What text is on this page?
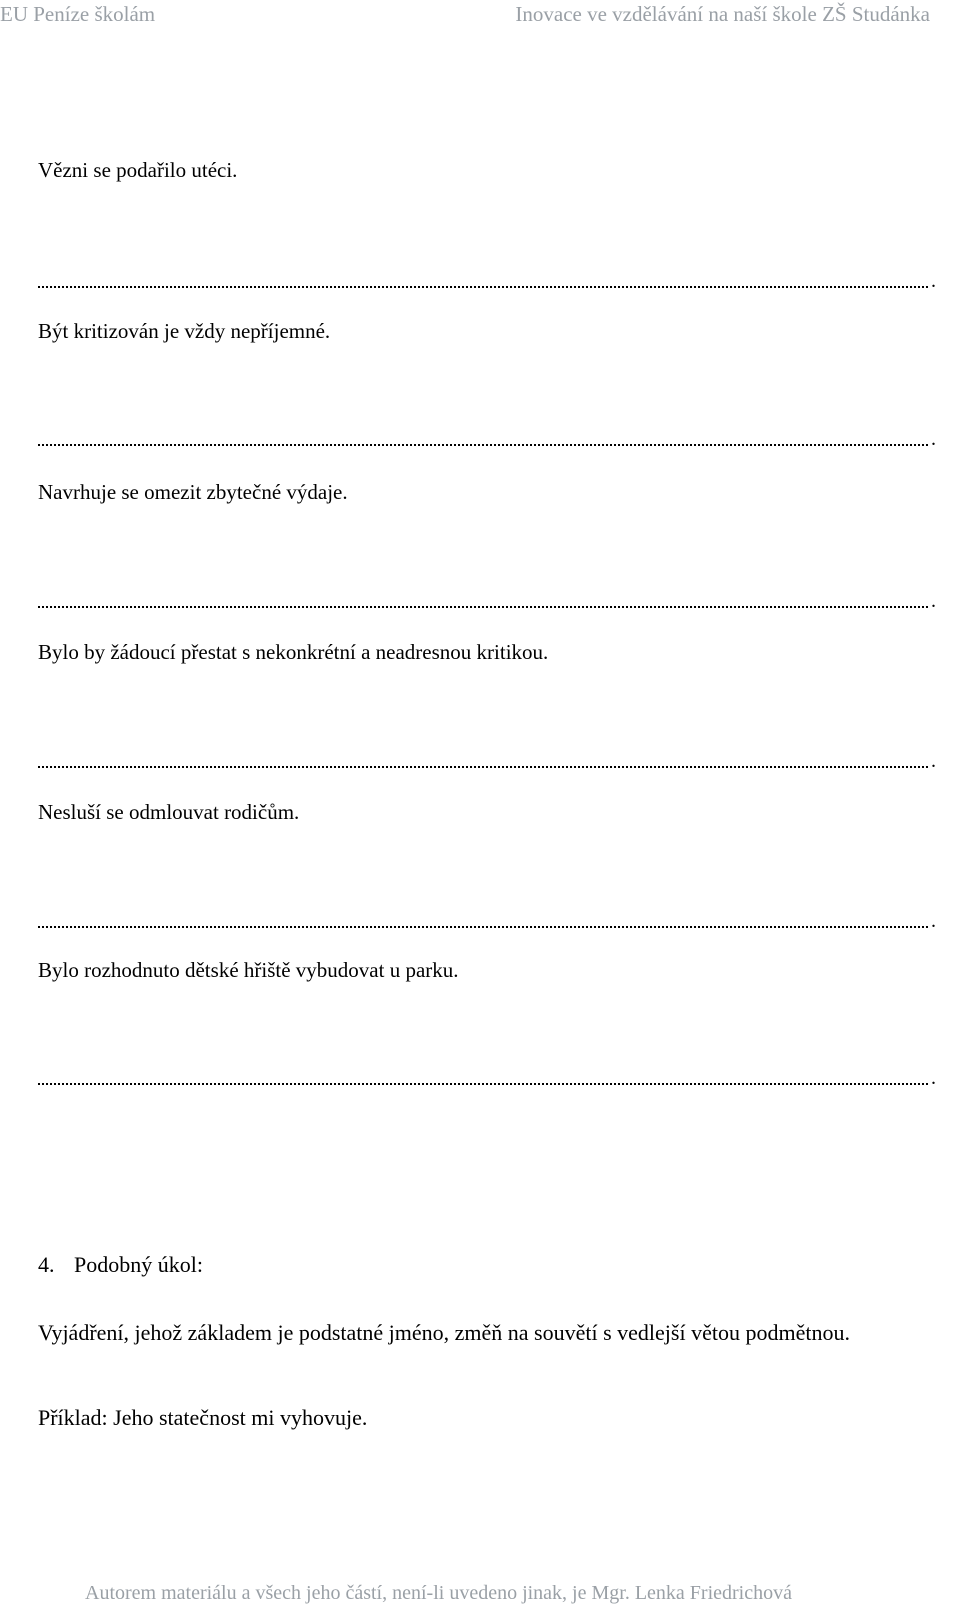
EU Peníze školám	Inovace ve vzdělávání na naší škole ZŠ Studánka
Vězni se podařilo utéci.
.
Být kritizován je vždy nepříjemné.
.
Navrhuje se omezit zbytečné výdaje.
.
Bylo by žádoucí přestat s nekonkrétní a neadresnou kritikou.
.
Nesluší se odmlouvat rodičům.
.
Bylo rozhodnuto dětské hřiště vybudovat u parku.
.
4. Podobný úkol:
Vyjádření, jehož základem je podstatné jméno, změň na souvětí s vedlejší větou podmětnou.
Příklad: Jeho statečnost mi vyhovuje.
Autorem materiálu a všech jeho částí, není-li uvedeno jinak, je Mgr. Lenka Friedrichová
